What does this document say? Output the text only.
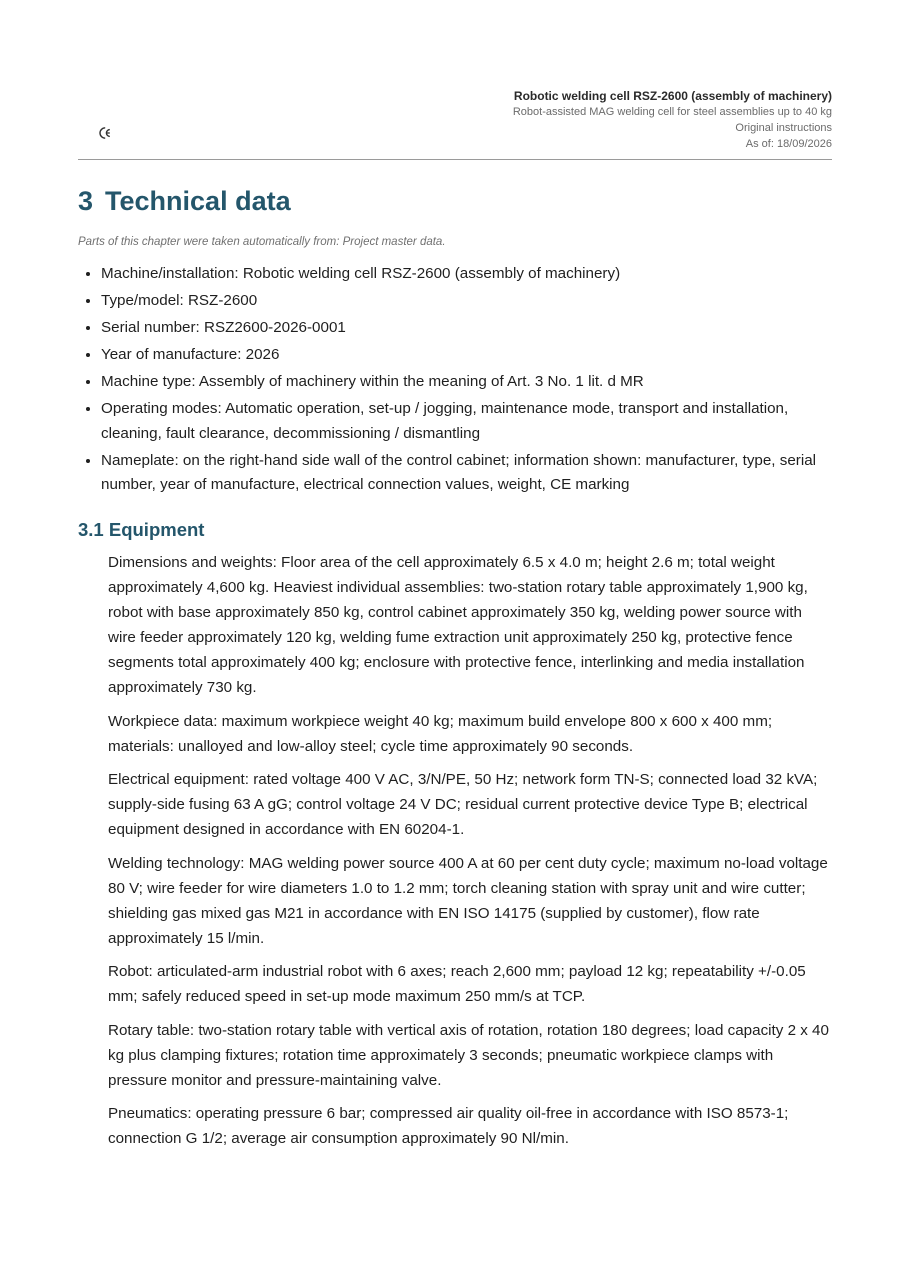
Robotic welding cell RSZ-2600 (assembly of machinery)
Robot-assisted MAG welding cell for steel assemblies up to 40 kg
Original instructions
As of: 18/09/2026
3 Technical data
Parts of this chapter were taken automatically from: Project master data.
• Machine/installation: Robotic welding cell RSZ-2600 (assembly of machinery)
• Type/model: RSZ-2600
• Serial number: RSZ2600-2026-0001
• Year of manufacture: 2026
• Machine type: Assembly of machinery within the meaning of Art. 3 No. 1 lit. d MR
• Operating modes: Automatic operation, set-up / jogging, maintenance mode, transport and installation, cleaning, fault clearance, decommissioning / dismantling
• Nameplate: on the right-hand side wall of the control cabinet; information shown: manufacturer, type, serial number, year of manufacture, electrical connection values, weight, CE marking
3.1 Equipment

Dimensions and weights: Floor area of the cell approximately 6.5 x 4.0 m; height 2.6 m; total weight approximately 4,600 kg. Heaviest individual assemblies: two-station rotary table approximately 1,900 kg, robot with base approximately 850 kg, control cabinet approximately 350 kg, welding power source with wire feeder approximately 120 kg, welding fume extraction unit approximately 250 kg, protective fence segments total approximately 400 kg; enclosure with protective fence, interlinking and media installation approximately 730 kg.

Workpiece data: maximum workpiece weight 40 kg; maximum build envelope 800 x 600 x 400 mm; materials: unalloyed and low-alloy steel; cycle time approximately 90 seconds.

Electrical equipment: rated voltage 400 V AC, 3/N/PE, 50 Hz; network form TN-S; connected load 32 kVA; supply-side fusing 63 A gG; control voltage 24 V DC; residual current protective device Type B; electrical equipment designed in accordance with EN 60204-1.

Welding technology: MAG welding power source 400 A at 60 per cent duty cycle; maximum no-load voltage 80 V; wire feeder for wire diameters 1.0 to 1.2 mm; torch cleaning station with spray unit and wire cutter; shielding gas mixed gas M21 in accordance with EN ISO 14175 (supplied by customer), flow rate approximately 15 l/min.

Robot: articulated-arm industrial robot with 6 axes; reach 2,600 mm; payload 12 kg; repeatability +/-0.05 mm; safely reduced speed in set-up mode maximum 250 mm/s at TCP.

Rotary table: two-station rotary table with vertical axis of rotation, rotation 180 degrees; load capacity 2 x 40 kg plus clamping fixtures; rotation time approximately 3 seconds; pneumatic workpiece clamps with pressure monitor and pressure-maintaining valve.

Pneumatics: operating pressure 6 bar; compressed air quality oil-free in accordance with ISO 8573-1; connection G 1/2; average air consumption approximately 90 Nl/min.
